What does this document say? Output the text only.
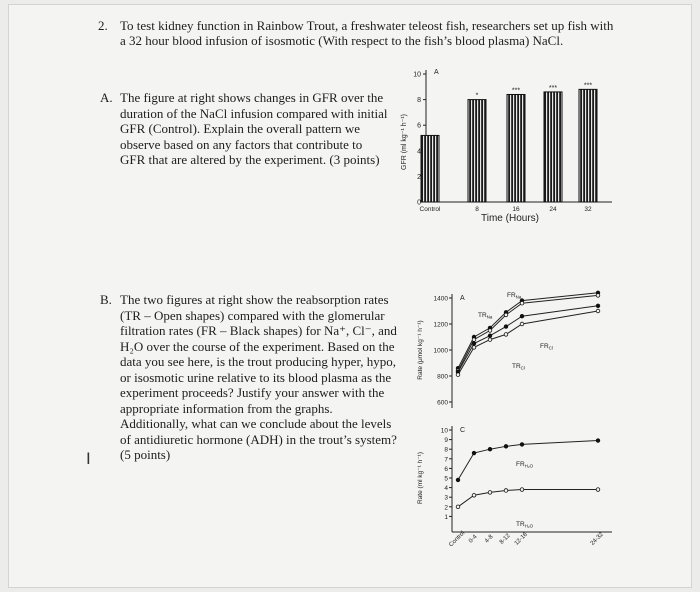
2. To test kidney function in Rainbow Trout, a freshwater teleost fish, researchers set up fish with a 32 hour blood infusion of isosmotic (With respect to the fish’s blood plasma) NaCl.
A. The figure at right shows changes in GFR over the duration of the NaCl infusion compared with initial GFR (Control). Explain the overall pattern we observe based on any factors that contribute to GFR that are altered by the experiment. (3 points)
B. The two figures at right show the reabsorption rates
(TR – Open shapes) compared with the glomerular
filtration rates (FR – Black shapes) for Na⁺, Cl⁻, and
H₂O over the course of the experiment. Based on the
data you see here, is the trout producing hyper, hypo,
or isosmotic urine relative to its blood plasma as the
experiment proceeds? Justify your answer with the
appropriate information from the graphs.
Additionally, what can we conclude about the levels
of antidiuretic hormone (ADH) in the trout’s system?
(5 points)
I
GFR (ml kg⁻¹ h⁻¹)
0
2
4
6
8
10 A
Control
*
8
***
16
***
24
***
32
Time (Hours)
Rate (μmol kg⁻¹ h⁻¹)
600
800
1000
1200
1400 A	$FR_{Na}$
$TR_{Na}$
$FR_{Cl}$
$TR_{Cl}$
Rate (ml kg⁻¹ h⁻¹)
1
2
3
4
5
6
7
8
9
10 C
$FR_{H_2O}$
$TR_{H_2O}$
Control 0-4 4-8 8-12 12-16	24-32
